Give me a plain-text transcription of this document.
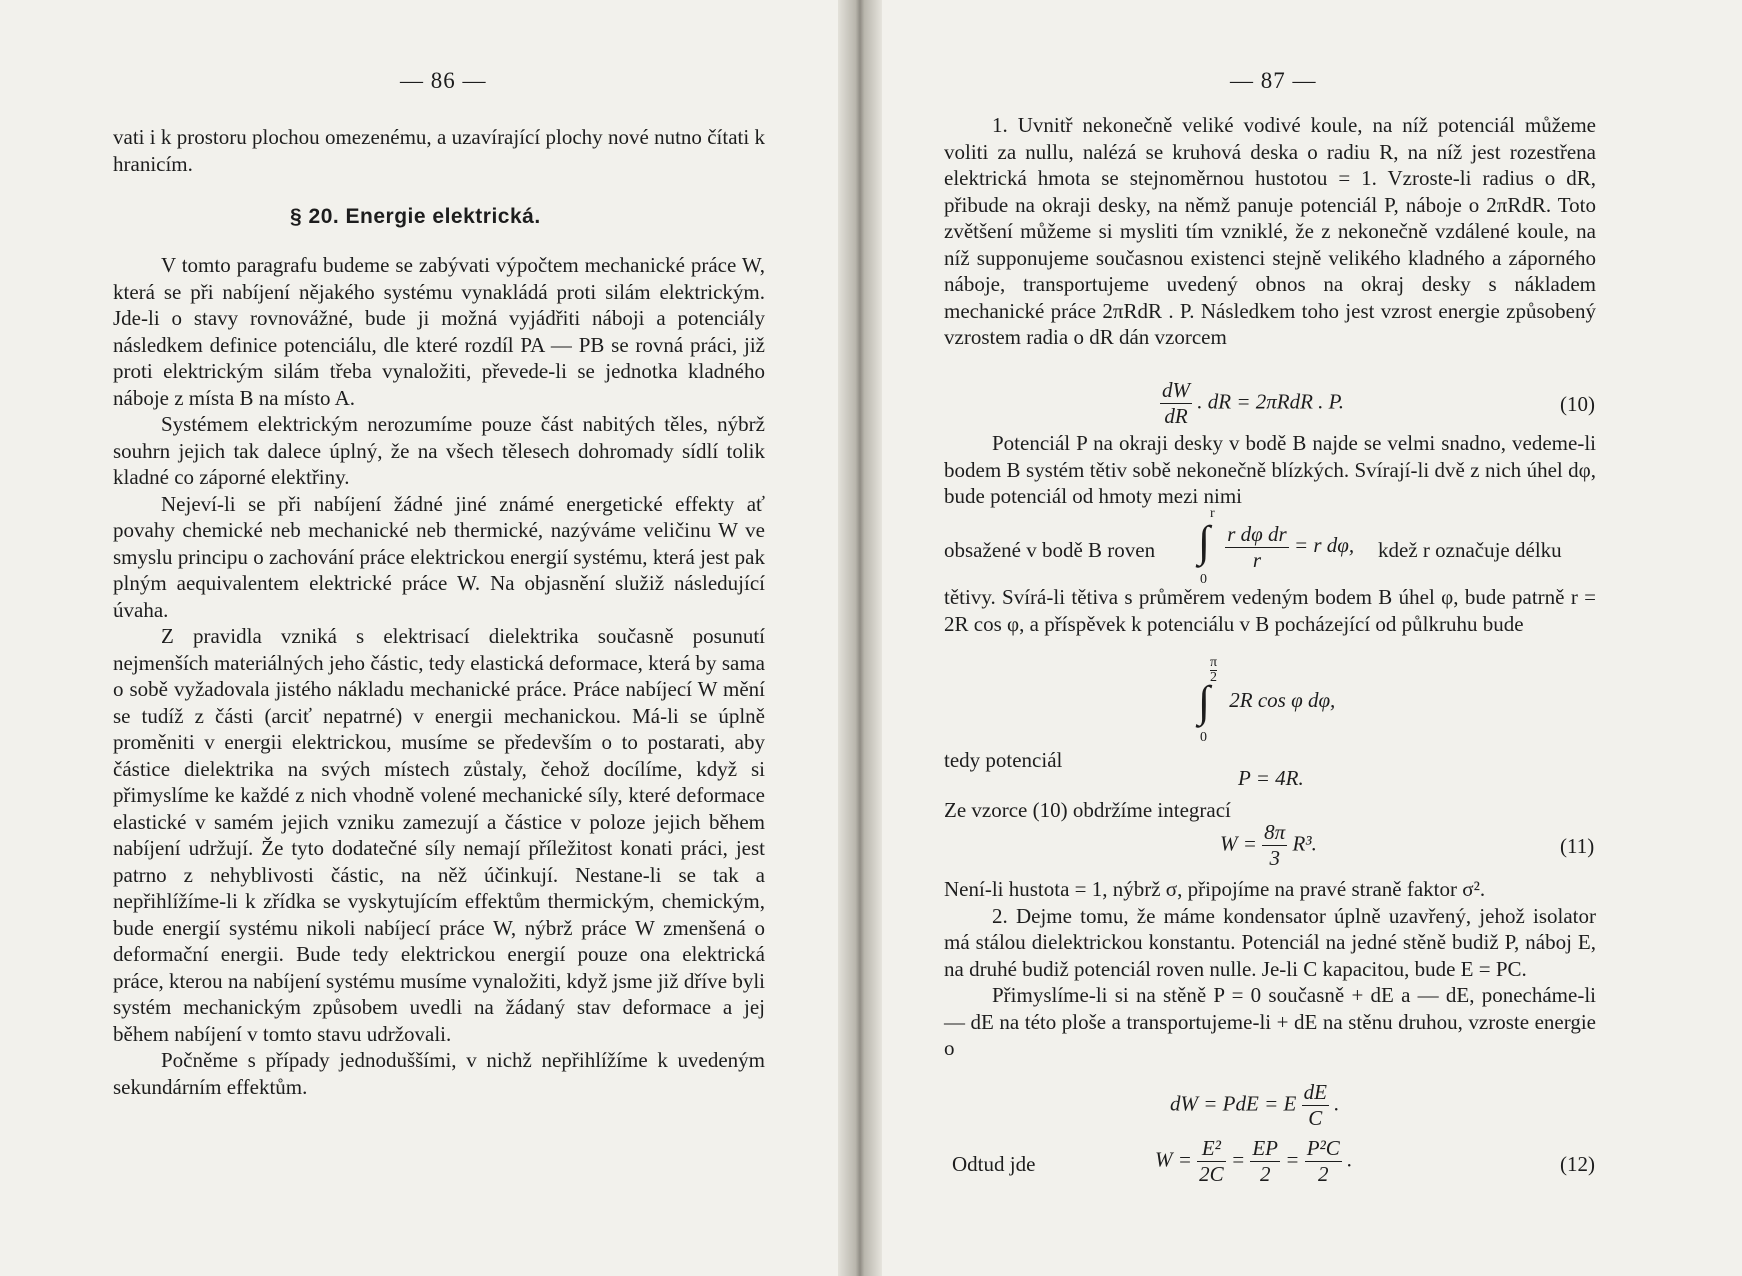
— 86 —

vati i k prostoru plochou omezenému, a uzavírající plochy nové nutno čítati k hranicím.

§ 20. Energie elektrická.

V tomto paragrafu budeme se zabývati výpočtem mechanické práce W, která se při nabíjení nějakého systému vynakládá proti silám elektrickým. Jde-li o stavy rovnovážné, bude ji možná vyjádřiti náboji a potenciály následkem definice potenciálu, dle které rozdíl PA — PB se rovná práci, již proti elektrickým silám třeba vynaložiti, převede-li se jednotka kladného náboje z místa B na místo A.

Systémem elektrickým nerozumíme pouze část nabitých těles, nýbrž souhrn jejich tak dalece úplný, že na všech tělesech dohromady sídlí tolik kladné co záporné elektřiny.

Nejeví-li se při nabíjení žádné jiné známé energetické effekty ať povahy chemické neb mechanické neb thermické, nazýváme veličinu W ve smyslu principu o zachování práce elektrickou energií systému, která jest pak plným aequivalentem elektrické práce W. Na objasnění služiž následující úvaha.

Z pravidla vzniká s elektrisací dielektrika současně posunutí nejmenších materiálných jeho částic, tedy elastická deformace, která by sama o sobě vyžadovala jistého nákladu mechanické práce. Práce nabíjecí W mění se tudíž z části (arciť nepatrné) v energii mechanickou. Má-li se úplně proměniti v energii elektrickou, musíme se především o to postarati, aby částice dielektrika na svých místech zůstaly, čehož docílíme, když si přimyslíme ke každé z nich vhodně volené mechanické síly, které deformace elastické v samém jejich vzniku zamezují a částice v poloze jejich během nabíjení udržují. Že tyto dodatečné síly nemají příležitost konati práci, jest patrno z nehyblivosti částic, na něž účinkují. Nestane-li se tak a nepřihlížíme-li k zřídka se vyskytujícím effektům thermickým, chemickým, bude energií systému nikoli nabíjecí práce W, nýbrž práce W zmenšená o deformační energii. Bude tedy elektrickou energií pouze ona elektrická práce, kterou na nabíjení systému musíme vynaložiti, když jsme již dříve byli systém mechanickým způsobem uvedli na žádaný stav deformace a jej během nabíjení v tomto stavu udržovali.

Počněme s případy jednoduššími, v nichž nepřihlížíme k uvedeným sekundárním effektům.

— 87 —

1. Uvnitř nekonečně veliké vodivé koule, na níž potenciál můžeme voliti za nullu, nalézá se kruhová deska o radiu R, na níž jest rozestřena elektrická hmota se stejnoměrnou hustotou = 1. Vzroste-li radius o dR, přibude na okraji desky, na němž panuje potenciál P, náboje o 2πRdR. Toto zvětšení můžeme si mysliti tím vzniklé, že z nekonečně vzdálené koule, na níž supponujeme současnou existenci stejně velikého kladného a záporného náboje, transportujeme uvedený obnos na okraj desky s nákladem mechanické práce 2πRdR . P. Následkem toho jest vzrost energie způsobený vzrostem radia o dR dán vzorcem

$\frac{dW}{dR}$ . dR = 2πRdR . P.	(10)

Potenciál P na okraji desky v bodě B najde se velmi snadno, vedeme-li bodem B systém tětiv sobě nekonečně blízkých. Svírají-li dvě z nich úhel dφ, bude potenciál od hmoty mezi nimi

obsažené v bodě B roven
r
∫
0

$\frac{\text{r dφ dr}}{r} = r$ dφ, kdež r označuje délku

tětivy. Svírá-li tětiva s průměrem vedeným bodem B úhel φ, bude patrně r = 2R cos φ, a příspěvek k potenciálu v B pocházející od půlkruhu bude

$\frac{\pi}{2}$
∫
0
2R cos φ dφ,
tedy potenciál
P = 4R.
Ze vzorce (10) obdržíme integrací
$W = \frac{8\pi}{3} R^3$.	(11)

Není-li hustota = 1, nýbrž σ, připojíme na pravé straně faktor σ².

2. Dejme tomu, že máme kondensator úplně uzavřený, jehož isolator má stálou dielektrickou konstantu. Potenciál na jedné stěně budiž P, náboj E, na druhé budiž potenciál roven nulle. Je-li C kapacitou, bude E = PC.

Přimyslíme-li si na stěně P = 0 současně + dE a — dE, ponecháme-li — dE na této ploše a transportujeme-li + dE na stěnu druhou, vzroste energie o

dW = PdE = E $\frac{dE}{C}$ .
Odtud jde	$W = \frac{\text{E²}}{2C} = \frac{EP}{2} = \frac{\text{P²C}}{2}$ .	(12)
